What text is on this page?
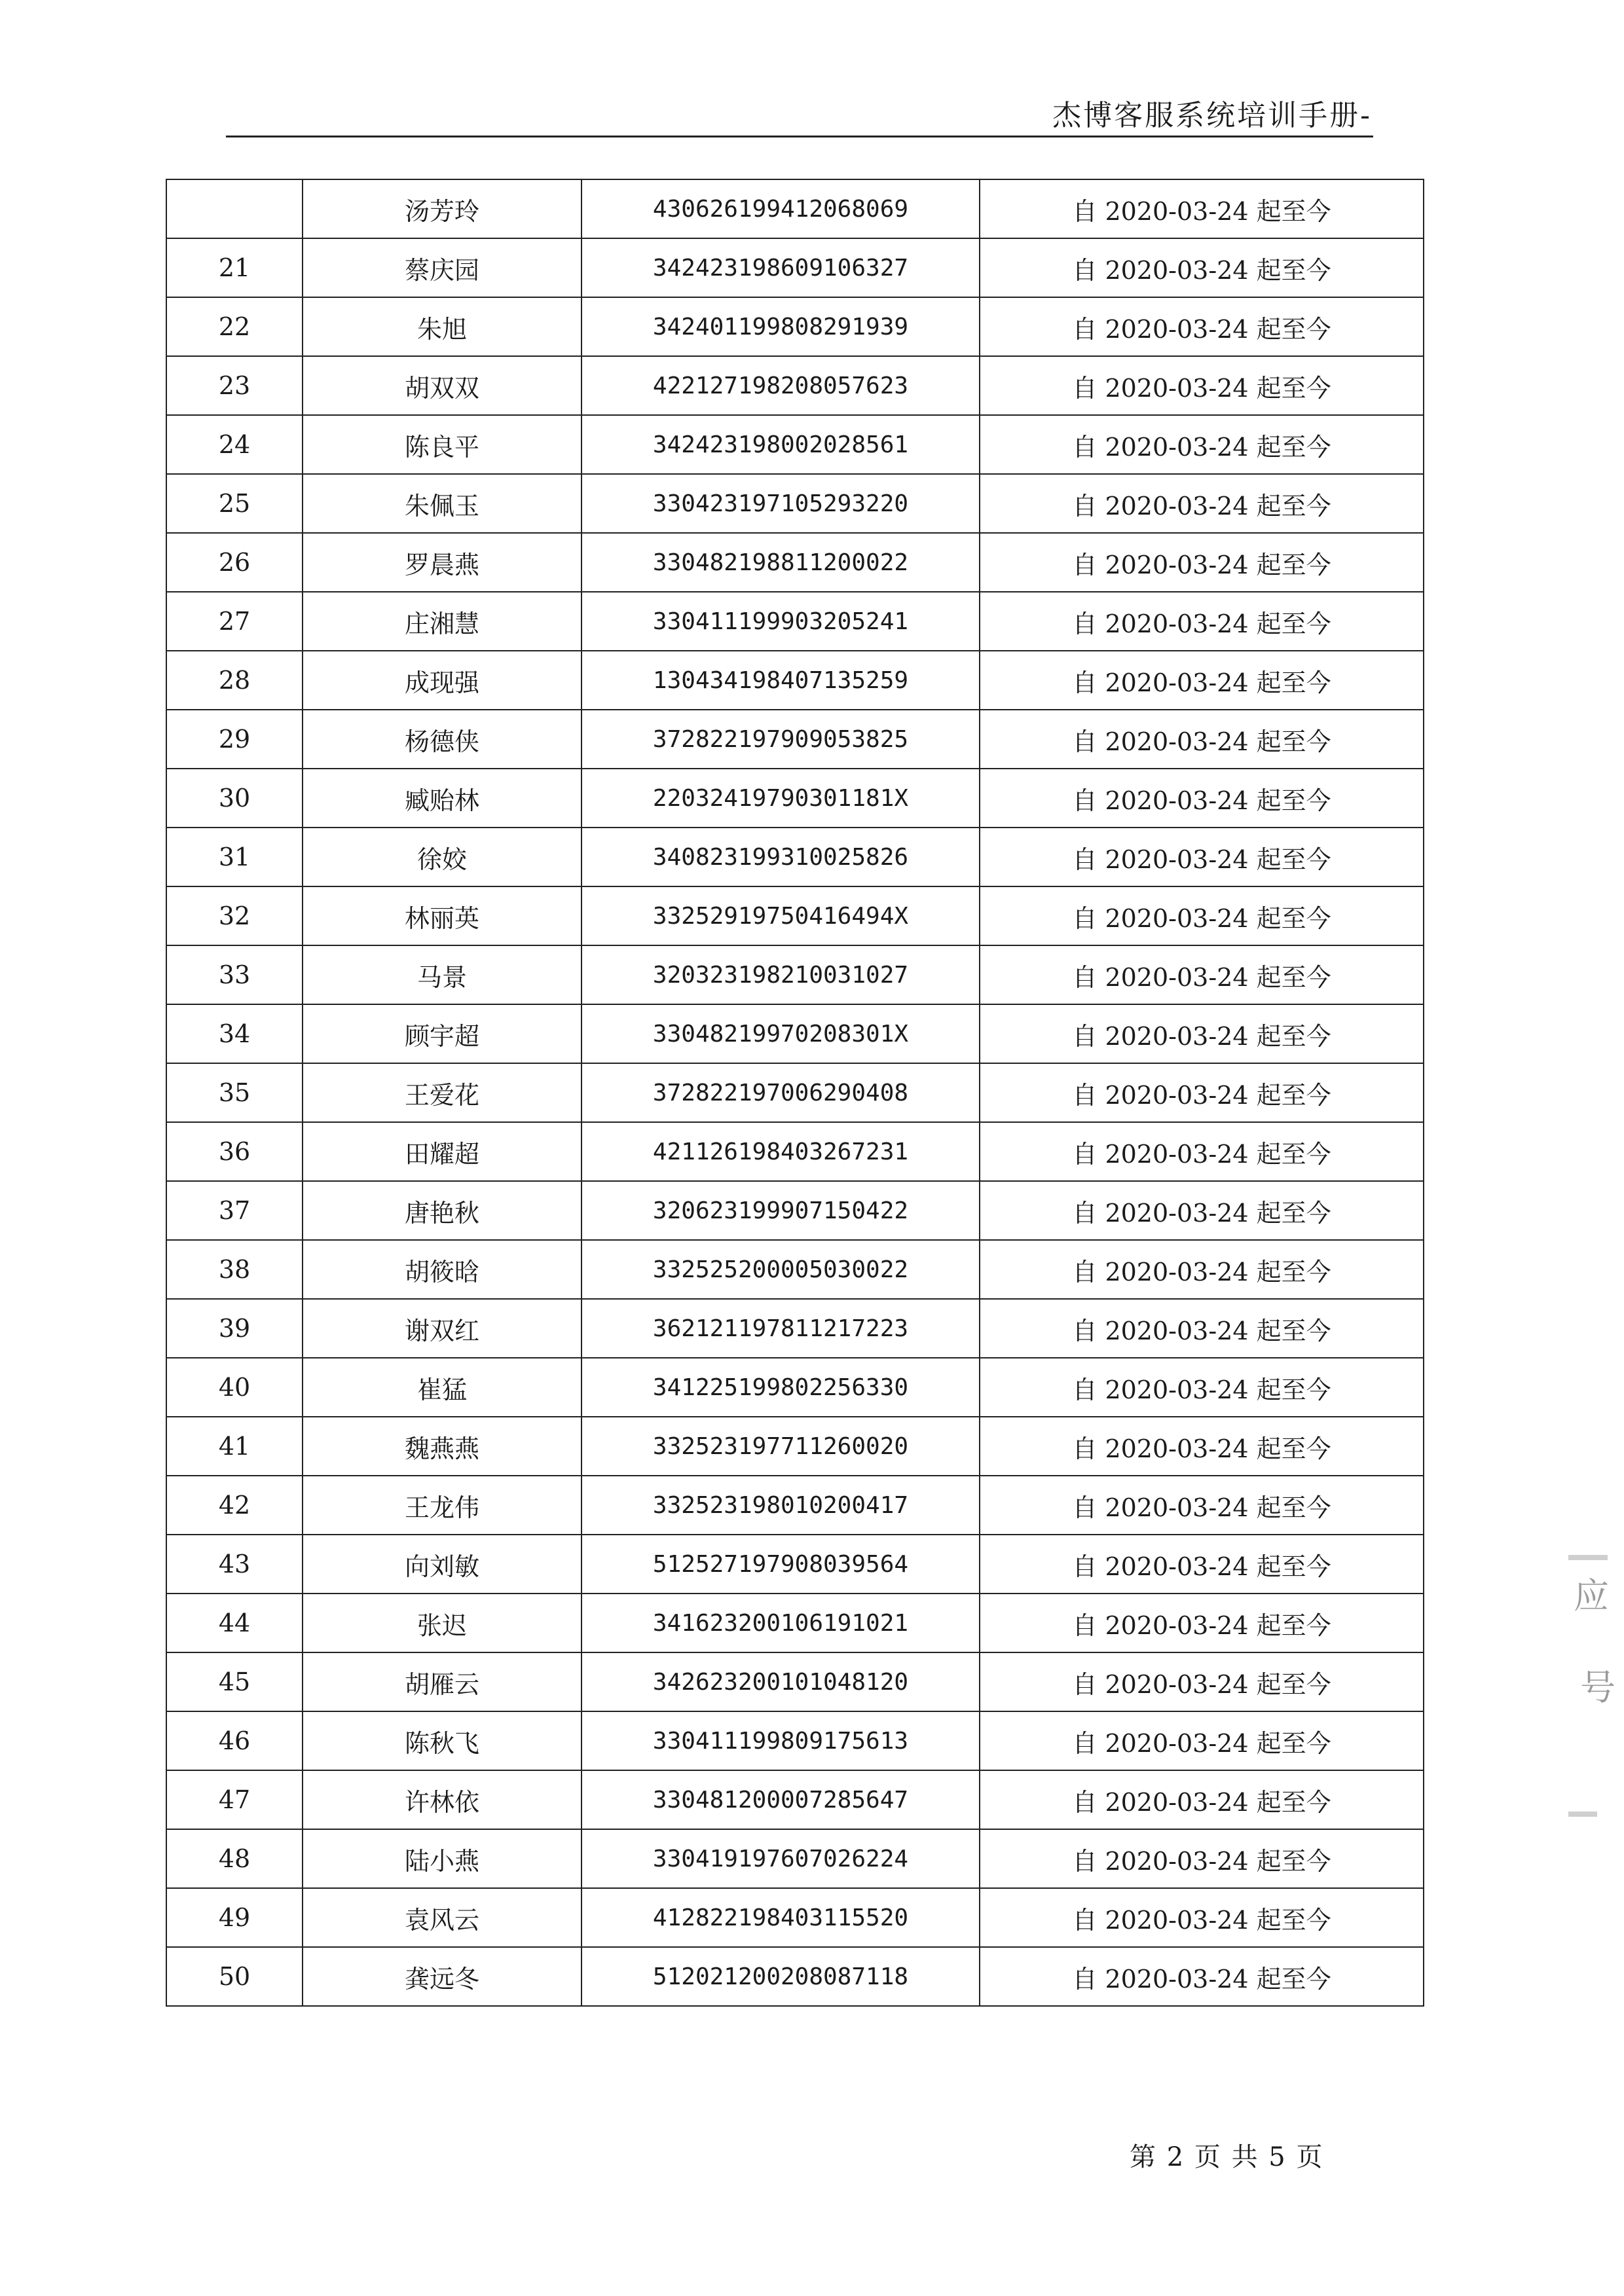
杰博客服系统培训手册-
	汤芳玲	430626199412068069	自 2020-03-24 起至今
21	蔡庆园	342423198609106327	自 2020-03-24 起至今
22	朱旭	342401199808291939	自 2020-03-24 起至今
23	胡双双	422127198208057623	自 2020-03-24 起至今
24	陈良平	342423198002028561	自 2020-03-24 起至今
25	朱佩玉	330423197105293220	自 2020-03-24 起至今
26	罗晨燕	330482198811200022	自 2020-03-24 起至今
27	庄湘慧	330411199903205241	自 2020-03-24 起至今
28	成现强	130434198407135259	自 2020-03-24 起至今
29	杨德侠	372822197909053825	自 2020-03-24 起至今
30	臧贻林	22032419790301181X	自 2020-03-24 起至今
31	徐姣	340823199310025826	自 2020-03-24 起至今
32	林丽英	33252919750416494X	自 2020-03-24 起至今
33	马景	320323198210031027	自 2020-03-24 起至今
34	顾宇超	33048219970208301X	自 2020-03-24 起至今
35	王爱花	372822197006290408	自 2020-03-24 起至今
36	田耀超	421126198403267231	自 2020-03-24 起至今
37	唐艳秋	320623199907150422	自 2020-03-24 起至今
38	胡筱晗	332525200005030022	自 2020-03-24 起至今
39	谢双红	362121197811217223	自 2020-03-24 起至今
40	崔猛	341225199802256330	自 2020-03-24 起至今
41	魏燕燕	332523197711260020	自 2020-03-24 起至今
42	王龙伟	332523198010200417	自 2020-03-24 起至今
43	向刘敏	512527197908039564	自 2020-03-24 起至今
44	张迟	341623200106191021	自 2020-03-24 起至今
45	胡雁云	342623200101048120	自 2020-03-24 起至今
46	陈秋飞	330411199809175613	自 2020-03-24 起至今
47	许林依	330481200007285647	自 2020-03-24 起至今
48	陆小燕	330419197607026224	自 2020-03-24 起至今
49	袁风云	412822198403115520	自 2020-03-24 起至今
50	龚远冬	512021200208087118	自 2020-03-24 起至今
第 2 页 共 5 页
应
号
